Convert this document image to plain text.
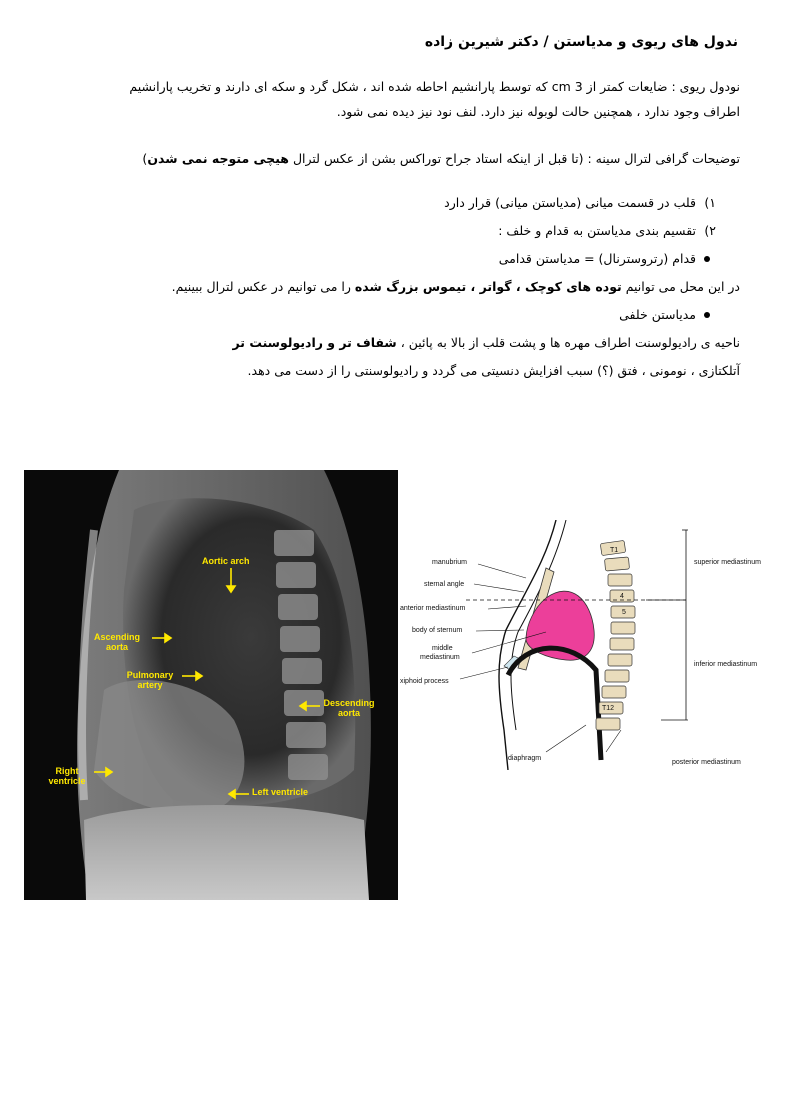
ندول های ریوی و مدیاستن / دکتر شیرین زاده
نودول ریوی : ضایعات کمتر از 3 cm که توسط پارانشیم احاطه شده اند ، شکل گرد و سکه ای دارند و تخریب پارانشیم
اطراف وجود ندارد ، همچنین حالت لوبوله نیز دارد. لنف نود نیز دیده نمی شود.
توضیحات گرافی لترال سینه : (تا قبل از اینکه استاد جراح توراکس بشن از عکس لترال هیچی متوجه نمی شدن)
۱)
قلب در قسمت میانی (مدیاستن میانی) قرار دارد
۲)
تقسیم بندی مدیاستن به قدام و خلف :
قدام (رتروسترنال) = مدیاستن قدامی
در این محل می توانیم توده های کوچک ، گواتر ، تیموس بزرگ شده را می توانیم در عکس لترال ببینیم.
مدیاستن خلفی
ناحیه ی رادیولوسنت اطراف مهره ها و پشت قلب از بالا به پائین ، شفاف تر و رادیولوسنت تر
آتلکتازی ، نومونی ، فتق (؟) سبب افزایش دنسیتی می گردد و رادیولوسنتی را از دست می دهد.
Aortic arch
Ascending aorta
Pulmonary artery
Descending aorta
Right ventricle
Left ventricle
manubrium
sternal angle
anterior mediastinum
body of sternum
middle
mediastinum
xiphoid process
diaphragm
superior mediastinum
inferior mediastinum
posterior mediastinum
T1
4
5
T12
